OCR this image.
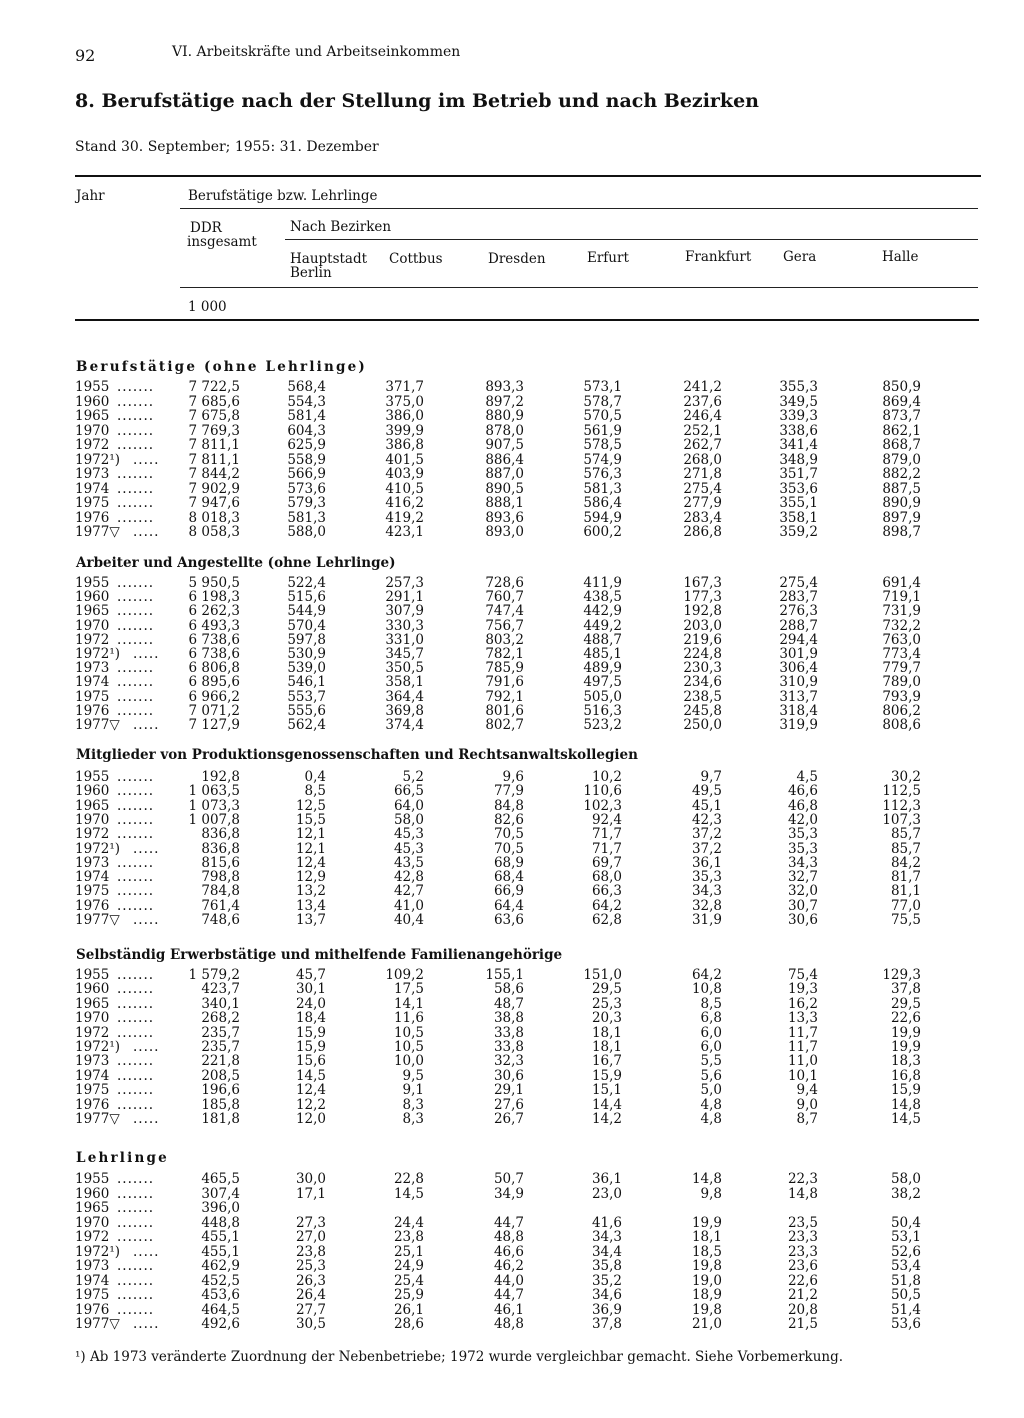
92	VI. Arbeitskräfte und Arbeitseinkommen
8. Berufstätige nach der Stellung im Betrieb und nach Bezirken
Stand 30. September; 1955: 31. Dezember
Jahr	Berufstätige bzw. Lehrlinge
DDR
insgesamt
Nach Bezirken
Hauptstadt
Berlin
Cottbus	Dresden	Erfurt	Frankfurt Gera	Halle
1 000
Berufstätige (ohne Lehrlinge)
1955 .......	7 722,5	568,4	371,7	893,3	573,1	241,2	355,3	850,9
1960 .......	7 685,6	554,3	375,0	897,2	578,7	237,6	349,5	869,4
1965 .......	7 675,8	581,4	386,0	880,9	570,5	246,4	339,3	873,7
1970 .......	7 769,3	604,3	399,9	878,0	561,9	252,1	338,6	862,1
1972 .......	7 811,1	625,9	386,8	907,5	578,5	262,7	341,4	868,7
1972¹) ..... 7 811,1	558,9	401,5	886,4	574,9	268,0	348,9	879,0
1973 .......	7 844,2	566,9	403,9	887,0	576,3	271,8	351,7	882,2
1974 .......	7 902,9	573,6	410,5	890,5	581,3	275,4	353,6	887,5
1975 .......	7 947,6	579,3	416,2	888,1	586,4	277,9	355,1	890,9
1976 .......	8 018,3	581,3	419,2	893,6	594,9	283,4	358,1	897,9
1977▽ ..... 8 058,3	588,0	423,1	893,0	600,2	286,8	359,2	898,7
Arbeiter und Angestellte (ohne Lehrlinge)
1955 .......	5 950,5	522,4	257,3	728,6	411,9	167,3	275,4	691,4
1960 .......	6 198,3	515,6	291,1	760,7	438,5	177,3	283,7	719,1
1965 .......	6 262,3	544,9	307,9	747,4	442,9	192,8	276,3	731,9
1970 .......	6 493,3	570,4	330,3	756,7	449,2	203,0	288,7	732,2
1972 .......	6 738,6	597,8	331,0	803,2	488,7	219,6	294,4	763,0
1972¹) ..... 6 738,6	530,9	345,7	782,1	485,1	224,8	301,9	773,4
1973 .......	6 806,8	539,0	350,5	785,9	489,9	230,3	306,4	779,7
1974 .......	6 895,6	546,1	358,1	791,6	497,5	234,6	310,9	789,0
1975 .......	6 966,2	553,7	364,4	792,1	505,0	238,5	313,7	793,9
1976 .......	7 071,2	555,6	369,8	801,6	516,3	245,8	318,4	806,2
1977▽ ..... 7 127,9	562,4	374,4	802,7	523,2	250,0	319,9	808,6
Mitglieder von Produktionsgenossenschaften und Rechtsanwaltskollegien
1955 .......	192,8	0,4	5,2	9,6	10,2	9,7	4,5	30,2
1960 .......	1 063,5	8,5	66,5	77,9	110,6	49,5	46,6	112,5
1965 .......	1 073,3	12,5	64,0	84,8	102,3	45,1	46,8	112,3
1970 .......	1 007,8	15,5	58,0	82,6	92,4	42,3	42,0	107,3
1972 .......	836,8	12,1	45,3	70,5	71,7	37,2	35,3	85,7
1972¹) .....	836,8	12,1	45,3	70,5	71,7	37,2	35,3	85,7
1973 .......	815,6	12,4	43,5	68,9	69,7	36,1	34,3	84,2
1974 .......	798,8	12,9	42,8	68,4	68,0	35,3	32,7	81,7
1975 .......	784,8	13,2	42,7	66,9	66,3	34,3	32,0	81,1
1976 .......	761,4	13,4	41,0	64,4	64,2	32,8	30,7	77,0
1977▽ .....	748,6	13,7	40,4	63,6	62,8	31,9	30,6	75,5
Selbständig Erwerbstätige und mithelfende Familienangehörige
1955 .......	1 579,2	45,7	109,2	155,1	151,0	64,2	75,4	129,3
1960 .......	423,7	30,1	17,5	58,6	29,5	10,8	19,3	37,8
1965 .......	340,1	24,0	14,1	48,7	25,3	8,5	16,2	29,5
1970 .......	268,2	18,4	11,6	38,8	20,3	6,8	13,3	22,6
1972 .......	235,7	15,9	10,5	33,8	18,1	6,0	11,7	19,9
1972¹) .....	235,7	15,9	10,5	33,8	18,1	6,0	11,7	19,9
1973 .......	221,8	15,6	10,0	32,3	16,7	5,5	11,0	18,3
1974 .......	208,5	14,5	9,5	30,6	15,9	5,6	10,1	16,8
1975 .......	196,6	12,4	9,1	29,1	15,1	5,0	9,4	15,9
1976 .......	185,8	12,2	8,3	27,6	14,4	4,8	9,0	14,8
1977▽ .....	181,8	12,0	8,3	26,7	14,2	4,8	8,7	14,5
Lehrlinge
1955 .......	465,5	30,0	22,8	50,7	36,1	14,8	22,3	58,0
1960 .......	307,4	17,1	14,5	34,9	23,0	9,8	14,8	38,2
1965 .......	396,0
1970 .......	448,8	27,3	24,4	44,7	41,6	19,9	23,5	50,4
1972 .......	455,1	27,0	23,8	48,8	34,3	18,1	23,3	53,1
1972¹) .....	455,1	23,8	25,1	46,6	34,4	18,5	23,3	52,6
1973 .......	462,9	25,3	24,9	46,2	35,8	19,8	23,6	53,4
1974 .......	452,5	26,3	25,4	44,0	35,2	19,0	22,6	51,8
1975 .......	453,6	26,4	25,9	44,7	34,6	18,9	21,2	50,5
1976 .......	464,5	27,7	26,1	46,1	36,9	19,8	20,8	51,4
1977▽ .....	492,6	30,5	28,6	48,8	37,8	21,0	21,5	53,6
¹) Ab 1973 veränderte Zuordnung der Nebenbetriebe; 1972 wurde vergleichbar gemacht. Siehe Vorbemerkung.
